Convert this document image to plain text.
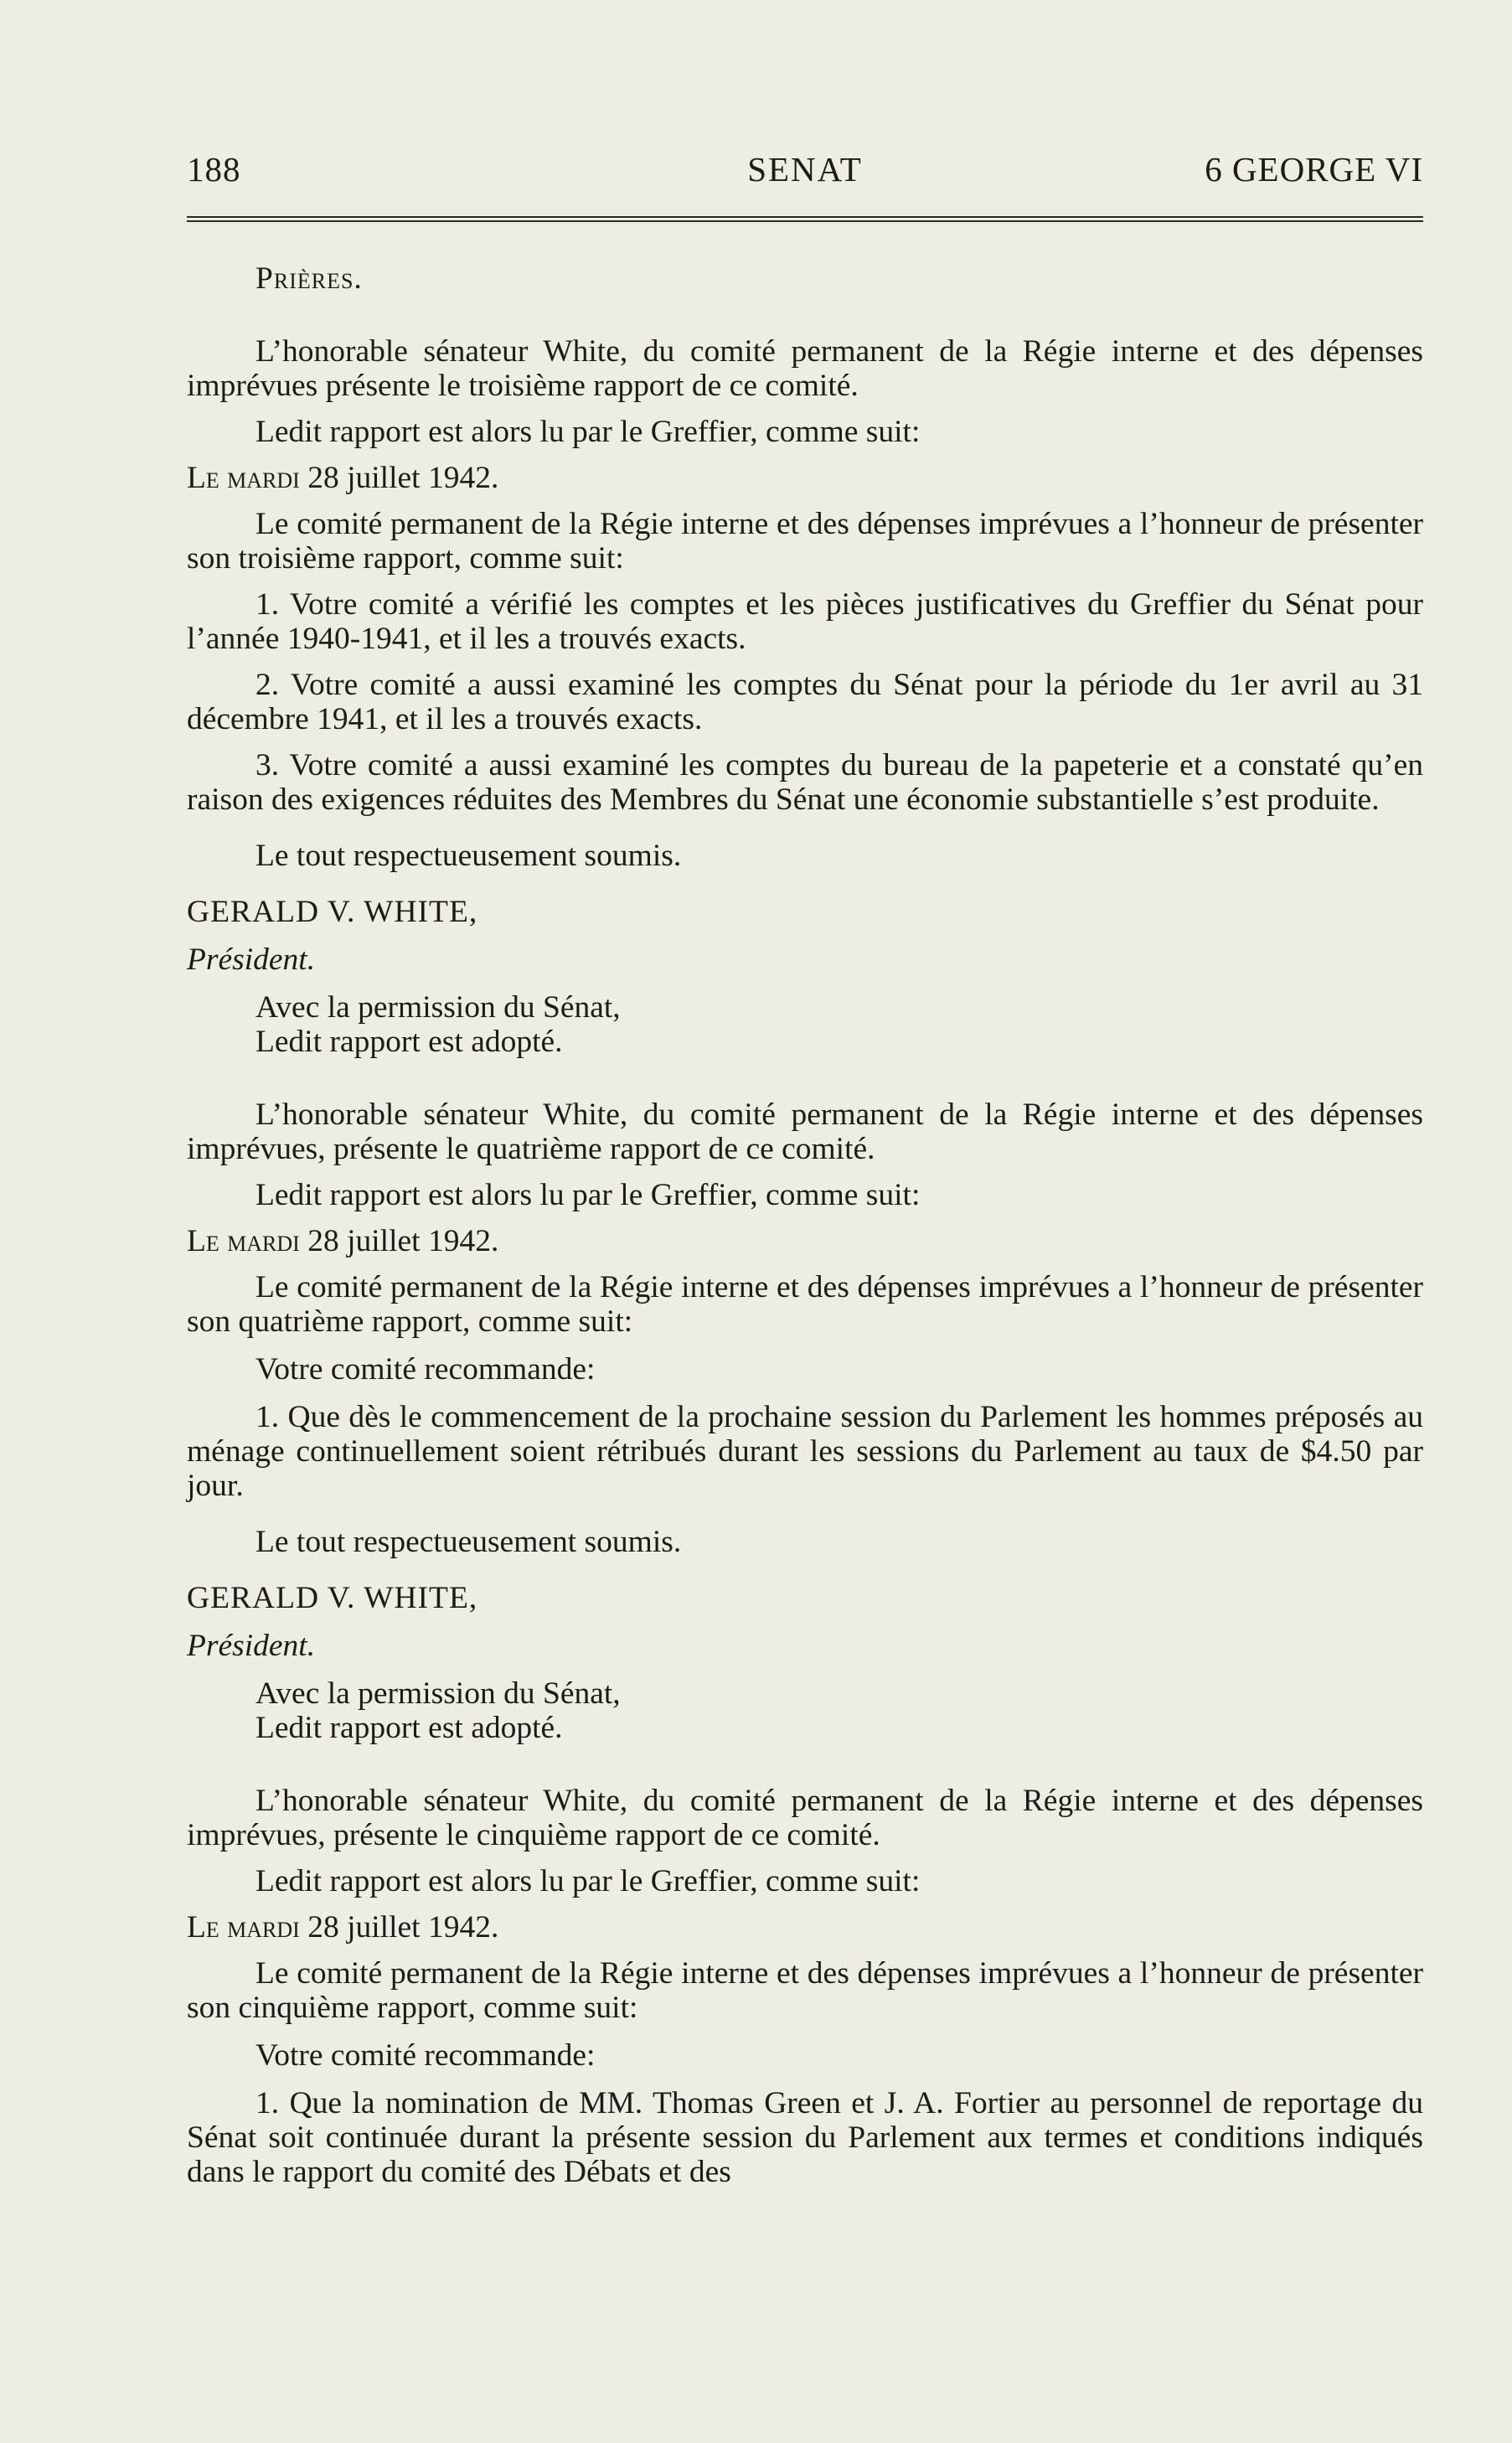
188	SENAT	6 GEORGE VI

Prières.

L’honorable sénateur White, du comité permanent de la Régie interne et des dépenses imprévues présente le troisième rapport de ce comité.

Ledit rapport est alors lu par le Greffier, comme suit:

Le mardi 28 juillet 1942.

Le comité permanent de la Régie interne et des dépenses imprévues a l’honneur de présenter son troisième rapport, comme suit:

1. Votre comité a vérifié les comptes et les pièces justificatives du Greffier du Sénat pour l’année 1940-1941, et il les a trouvés exacts.

2. Votre comité a aussi examiné les comptes du Sénat pour la période du 1er avril au 31 décembre 1941, et il les a trouvés exacts.

3. Votre comité a aussi examiné les comptes du bureau de la papeterie et a constaté qu’en raison des exigences réduites des Membres du Sénat une économie substantielle s’est produite.

Le tout respectueusement soumis.

GERALD V. WHITE,

Président.

Avec la permission du Sénat,

Ledit rapport est adopté.

L’honorable sénateur White, du comité permanent de la Régie interne et des dépenses imprévues, présente le quatrième rapport de ce comité.

Ledit rapport est alors lu par le Greffier, comme suit:

Le mardi 28 juillet 1942.

Le comité permanent de la Régie interne et des dépenses imprévues a l’honneur de présenter son quatrième rapport, comme suit:

Votre comité recommande:

1. Que dès le commencement de la prochaine session du Parlement les hommes préposés au ménage continuellement soient rétribués durant les sessions du Parlement au taux de $4.50 par jour.

Le tout respectueusement soumis.

GERALD V. WHITE,

Président.

Avec la permission du Sénat,

Ledit rapport est adopté.

L’honorable sénateur White, du comité permanent de la Régie interne et des dépenses imprévues, présente le cinquième rapport de ce comité.

Ledit rapport est alors lu par le Greffier, comme suit:

Le mardi 28 juillet 1942.

Le comité permanent de la Régie interne et des dépenses imprévues a l’honneur de présenter son cinquième rapport, comme suit:

Votre comité recommande:

1. Que la nomination de MM. Thomas Green et J. A. Fortier au personnel de reportage du Sénat soit continuée durant la présente session du Parlement aux termes et conditions indiqués dans le rapport du comité des Débats et des
